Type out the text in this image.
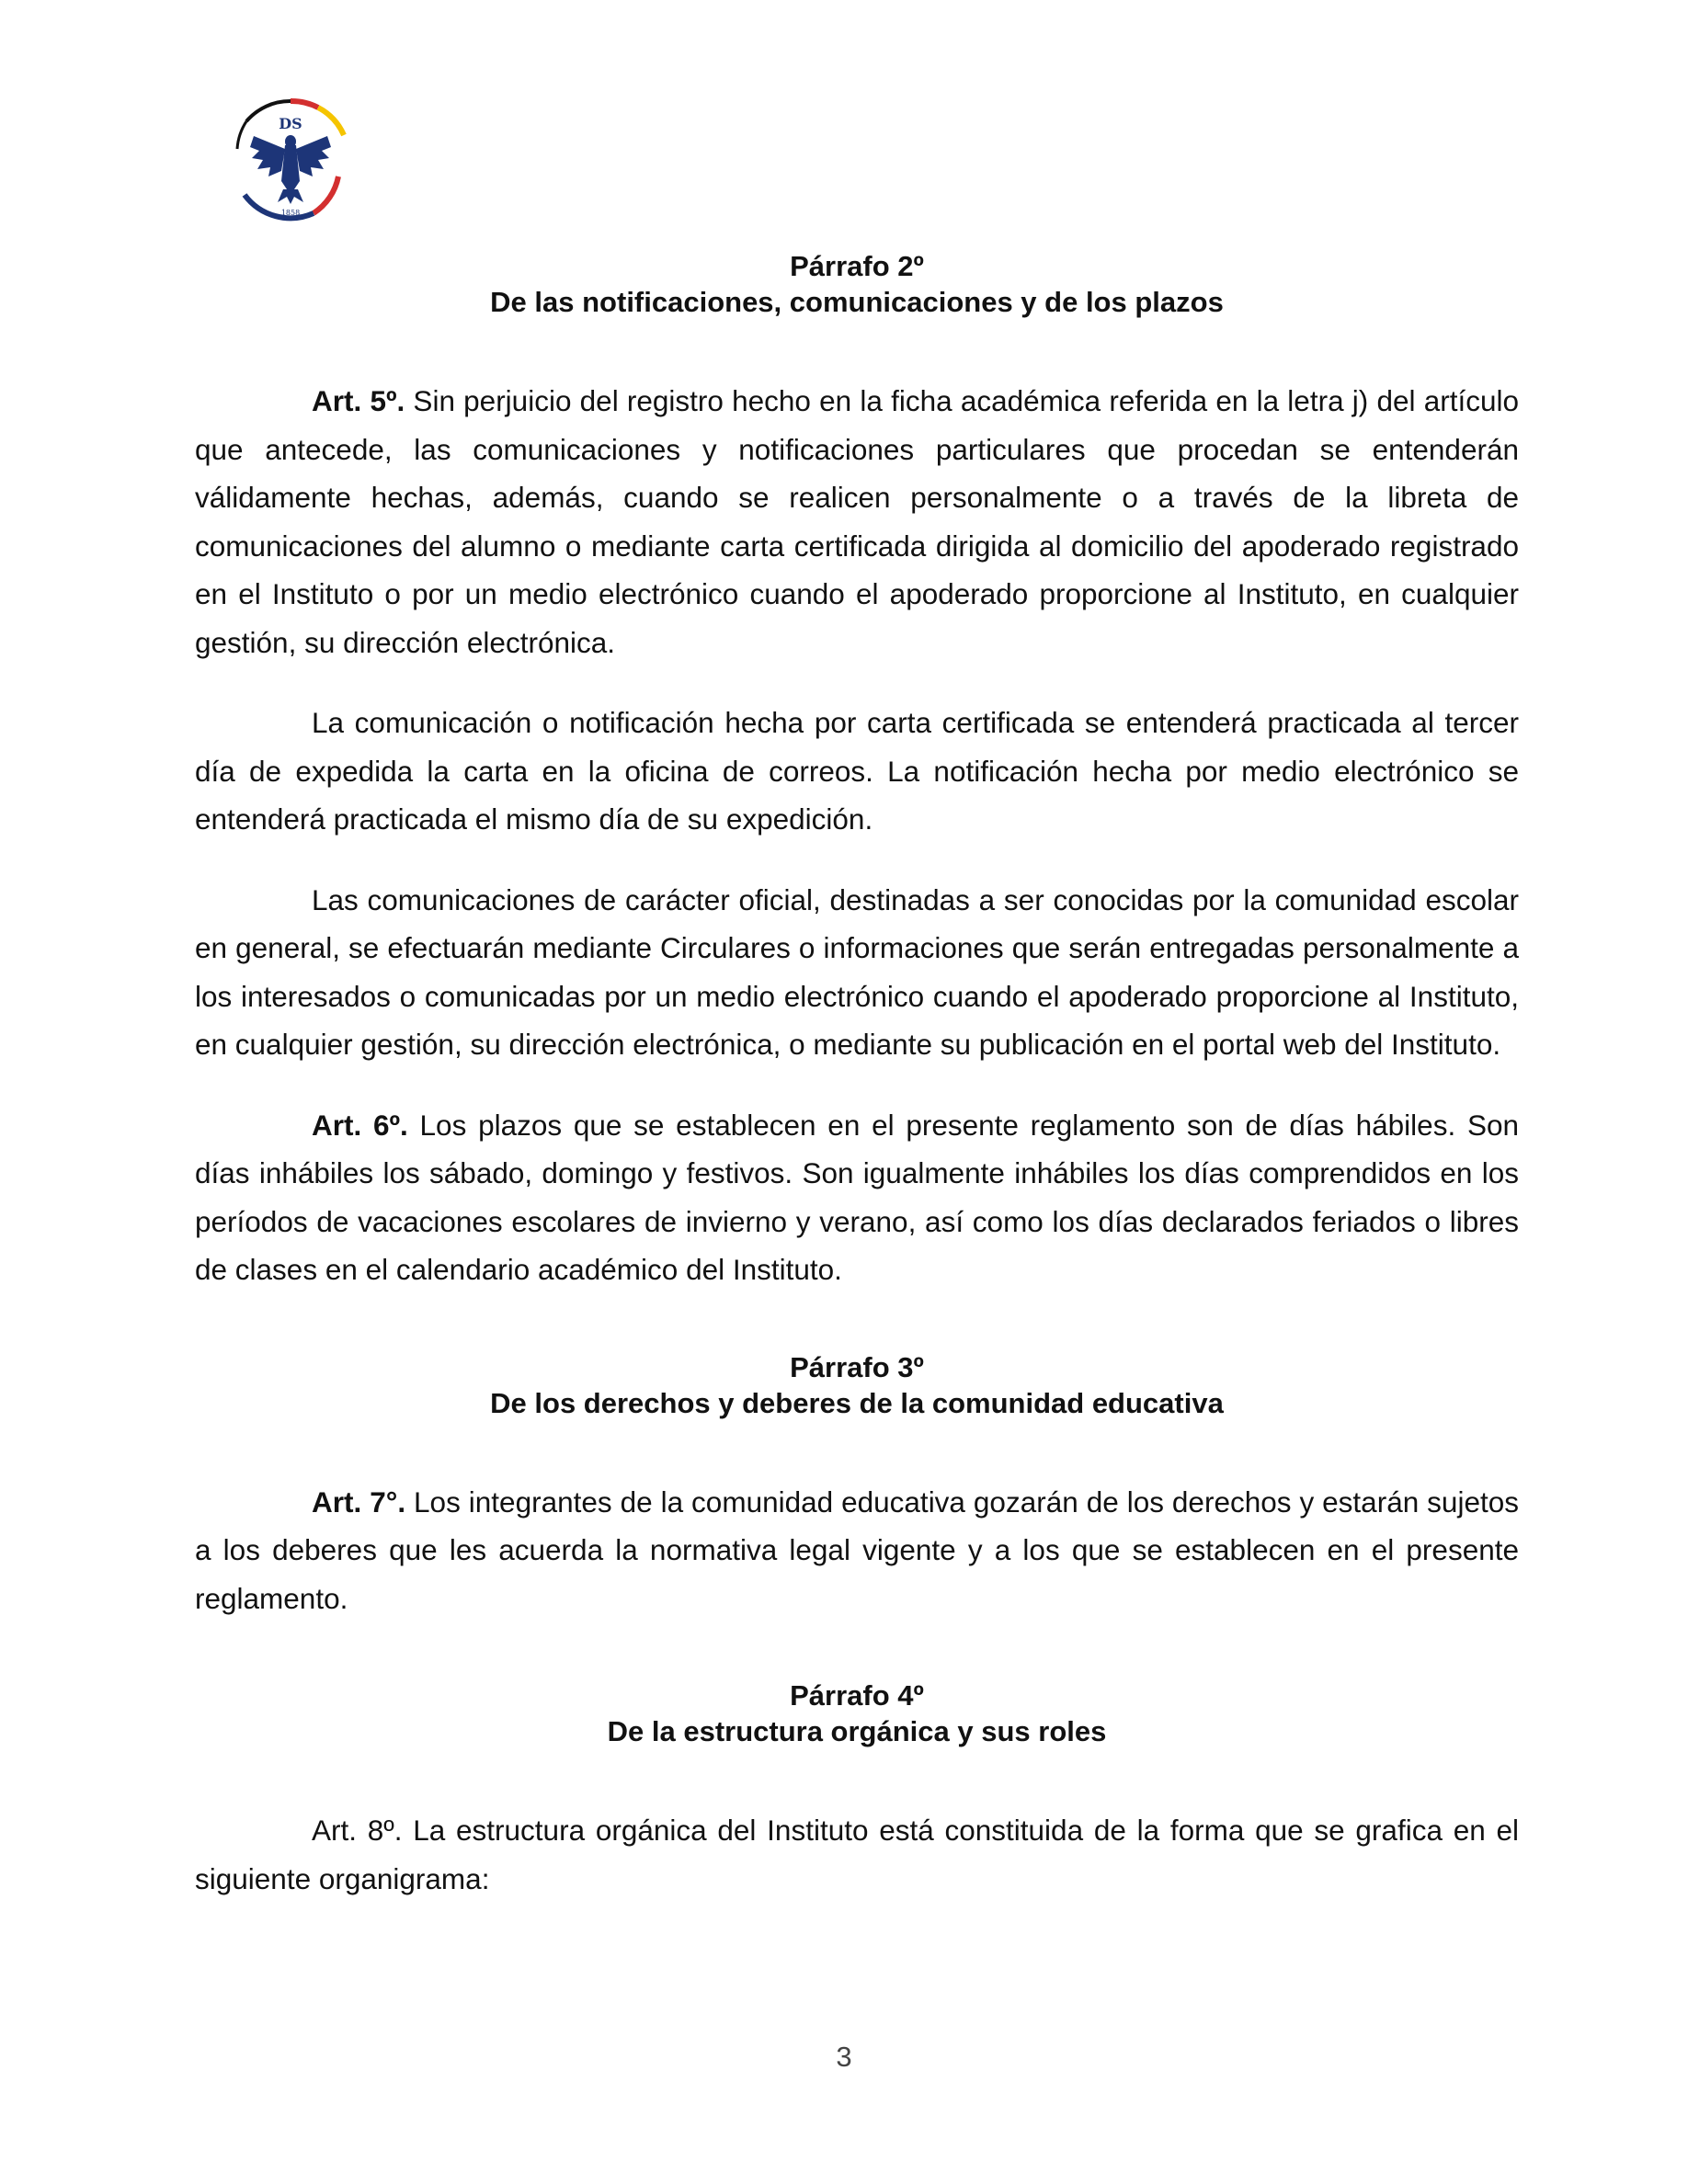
DS
1858
Párrafo 2º
De las notificaciones, comunicaciones y de los plazos

Art. 5º. Sin perjuicio del registro hecho en la ficha académica referida en la letra j) del artículo que antecede, las comunicaciones y notificaciones particulares que procedan se entenderán válidamente hechas, además, cuando se realicen personalmente o a través de la libreta de comunicaciones del alumno o mediante carta certificada dirigida al domicilio del apoderado registrado en el Instituto o por un medio electrónico cuando el apoderado proporcione al Instituto, en cualquier gestión, su dirección electrónica.

La comunicación o notificación hecha por carta certificada se entenderá practicada al tercer día de expedida la carta en la oficina de correos. La notificación hecha por medio electrónico se entenderá practicada el mismo día de su expedición.

Las comunicaciones de carácter oficial, destinadas a ser conocidas por la comunidad escolar en general, se efectuarán mediante Circulares o informaciones que serán entregadas personalmente a los interesados o comunicadas por un medio electrónico cuando el apoderado proporcione al Instituto, en cualquier gestión, su dirección electrónica, o mediante su publicación en el portal web del Instituto.

Art. 6º. Los plazos que se establecen en el presente reglamento son de días hábiles. Son días inhábiles los sábado, domingo y festivos. Son igualmente inhábiles los días comprendidos en los períodos de vacaciones escolares de invierno y verano, así como los días declarados feriados o libres de clases en el calendario académico del Instituto.

Párrafo 3º
De los derechos y deberes de la comunidad educativa

Art. 7°. Los integrantes de la comunidad educativa gozarán de los derechos y estarán sujetos a los deberes que les acuerda la normativa legal vigente y a los que se establecen en el presente reglamento.

Párrafo 4º
De la estructura orgánica y sus roles

Art. 8º. La estructura orgánica del Instituto está constituida de la forma que se grafica en el siguiente organigrama:

3
